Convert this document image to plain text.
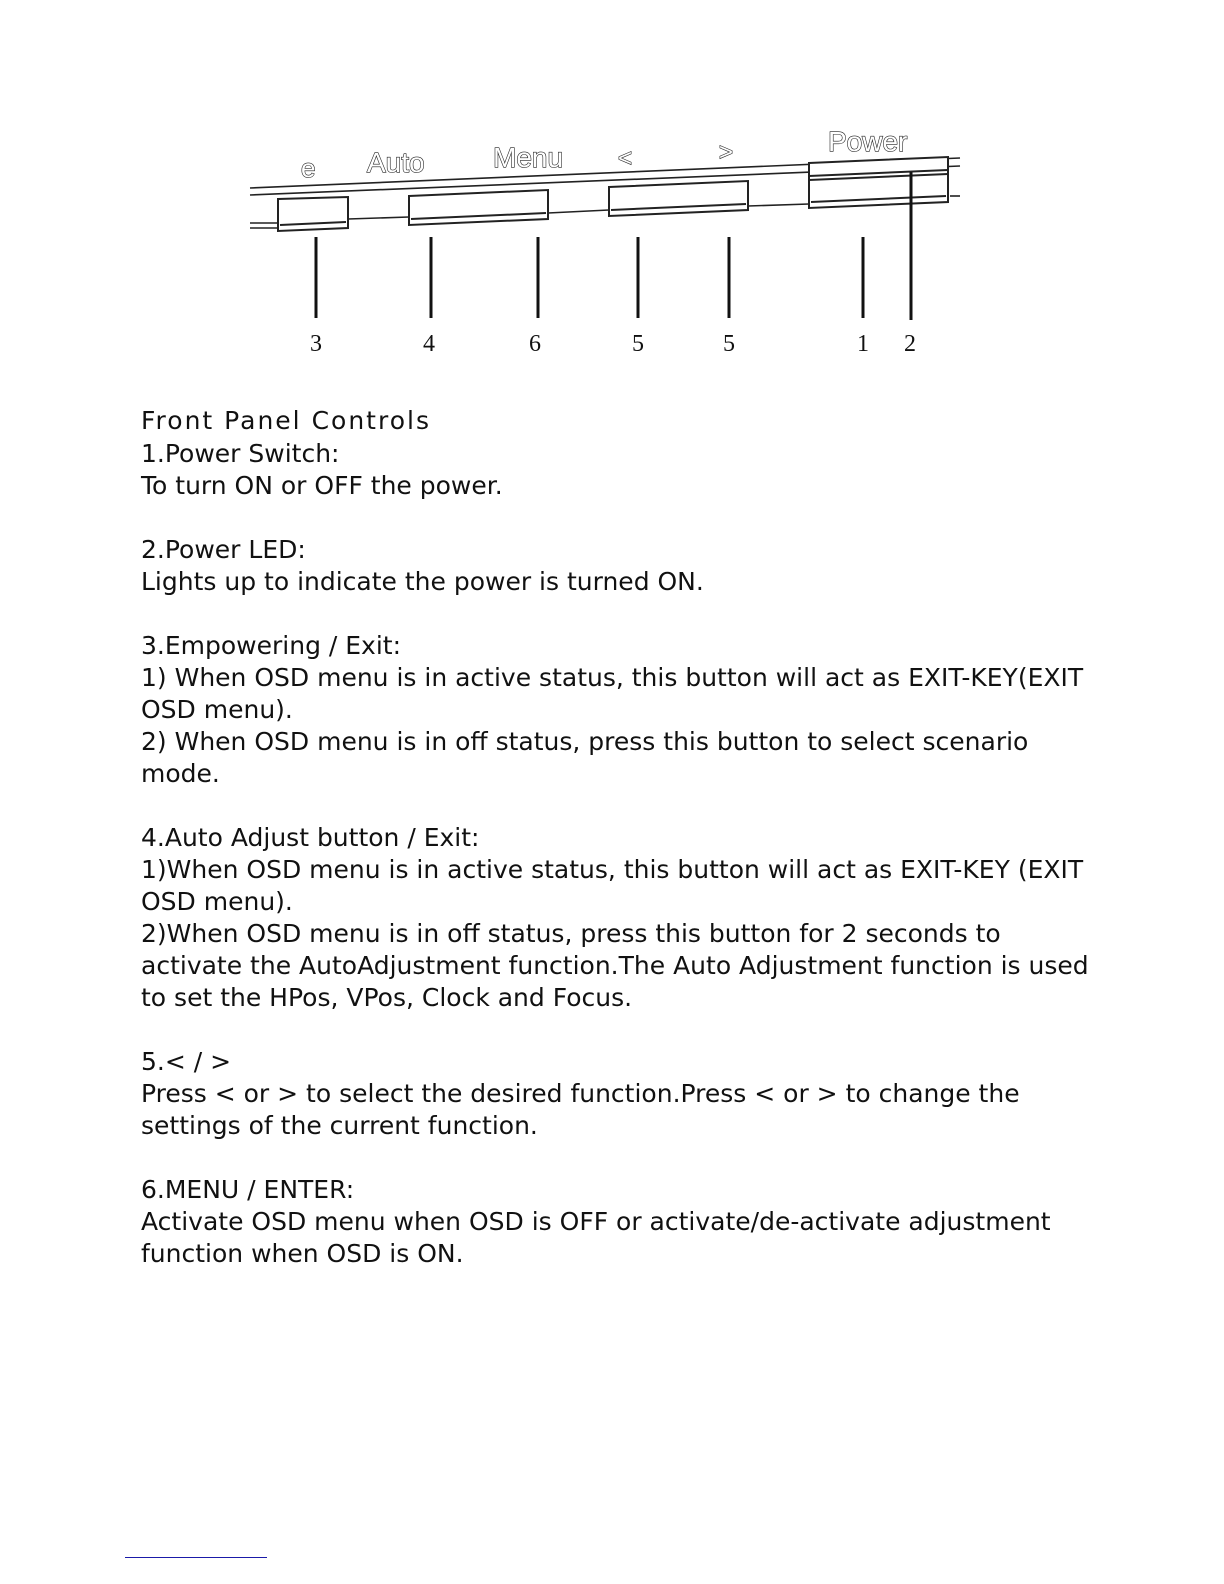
e Auto Menu <	>	Power
3	4	6	5	5	1 2
Front Panel Controls

1.Power Switch:

To turn ON or OFF the power.

2.Power LED:

Lights up to indicate the power is turned ON.

3.Empowering / Exit:

1) When OSD menu is in active status, this button will act as EXIT-KEY(EXIT OSD menu).

2) When OSD menu is in off status, press this button to select scenario mode.

4.Auto Adjust button / Exit:

1)When OSD menu is in active status, this button will act as EXIT-KEY (EXIT OSD menu).

2)When OSD menu is in off status, press this button for 2 seconds to activate the AutoAdjustment function.The Auto Adjustment function is used to set the HPos, VPos, Clock and Focus.

5.< / >

Press < or > to select the desired function.Press < or > to change the settings of the current function.

6.MENU / ENTER:

Activate OSD menu when OSD is OFF or activate/de-activate adjustment function when OSD is ON.
